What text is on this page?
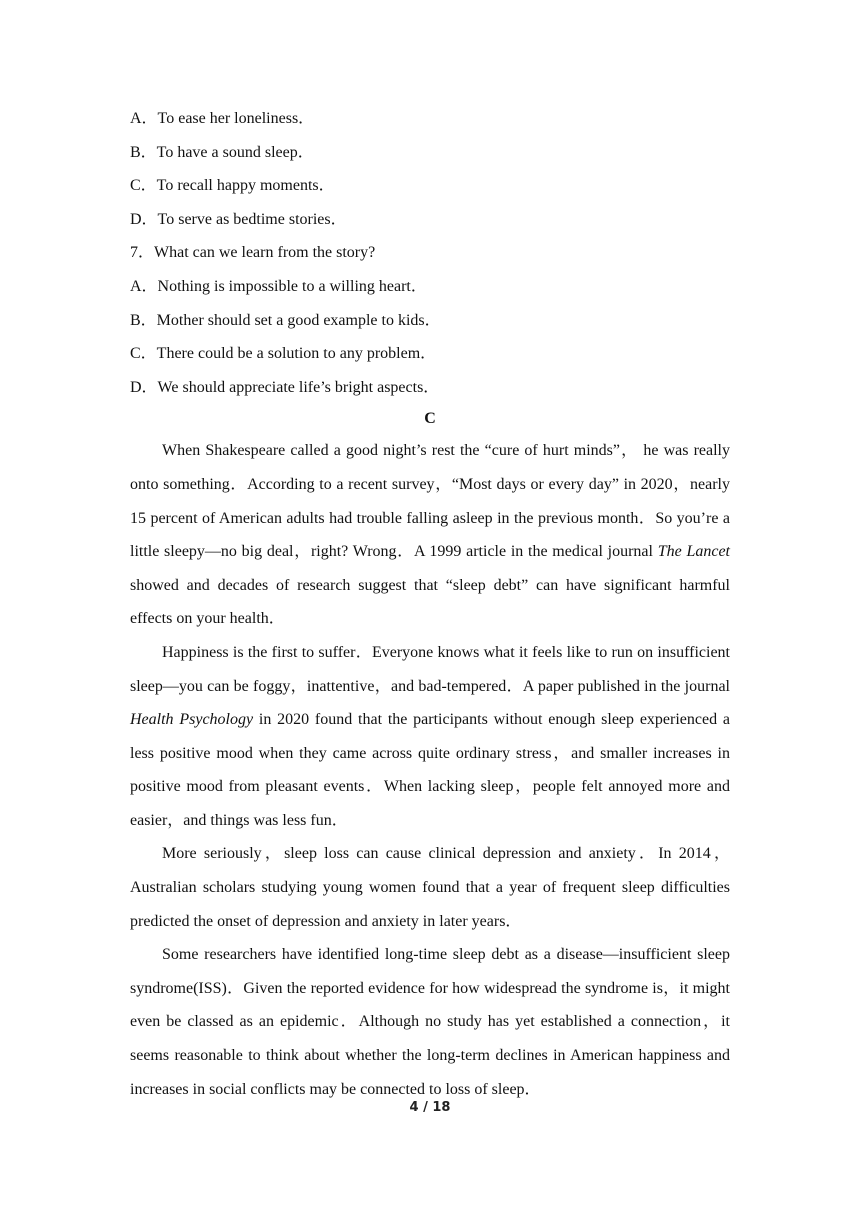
A．To ease her loneliness．

B．To have a sound sleep．

C．To recall happy moments．

D．To serve as bedtime stories．

7．What can we learn from the story?

A．Nothing is impossible to a willing heart．

B．Mother should set a good example to kids．

C．There could be a solution to any problem．

D．We should appreciate life’s bright aspects．

C

When Shakespeare called a good night’s rest the “cure of hurt minds”， he was really onto something．According to a recent survey，“Most days or every day” in 2020，nearly 15 percent of American adults had trouble falling asleep in the previous month．So you’re a little sleepy—no big deal，right? Wrong．A 1999 article in the medical journal The Lancet showed and decades of research suggest that “sleep debt” can have significant harmful effects on your health．

Happiness is the first to suffer．Everyone knows what it feels like to run on insufficient sleep—you can be foggy，inattentive，and bad-tempered．A paper published in the journal Health Psychology in 2020 found that the participants without enough sleep experienced a less positive mood when they came across quite ordinary stress，and smaller increases in positive mood from pleasant events．When lacking sleep，people felt annoyed more and easier，and things was less fun．

More seriously，sleep loss can cause clinical depression and anxiety．In 2014，Australian scholars studying young women found that a year of frequent sleep difficulties predicted the onset of depression and anxiety in later years．

Some researchers have identified long-time sleep debt as a disease—insufficient sleep syndrome(ISS)．Given the reported evidence for how widespread the syndrome is，it might even be classed as an epidemic．Although no study has yet established a connection，it seems reasonable to think about whether the long-term declines in American happiness and increases in social conflicts may be connected to loss of sleep．

4 / 18
